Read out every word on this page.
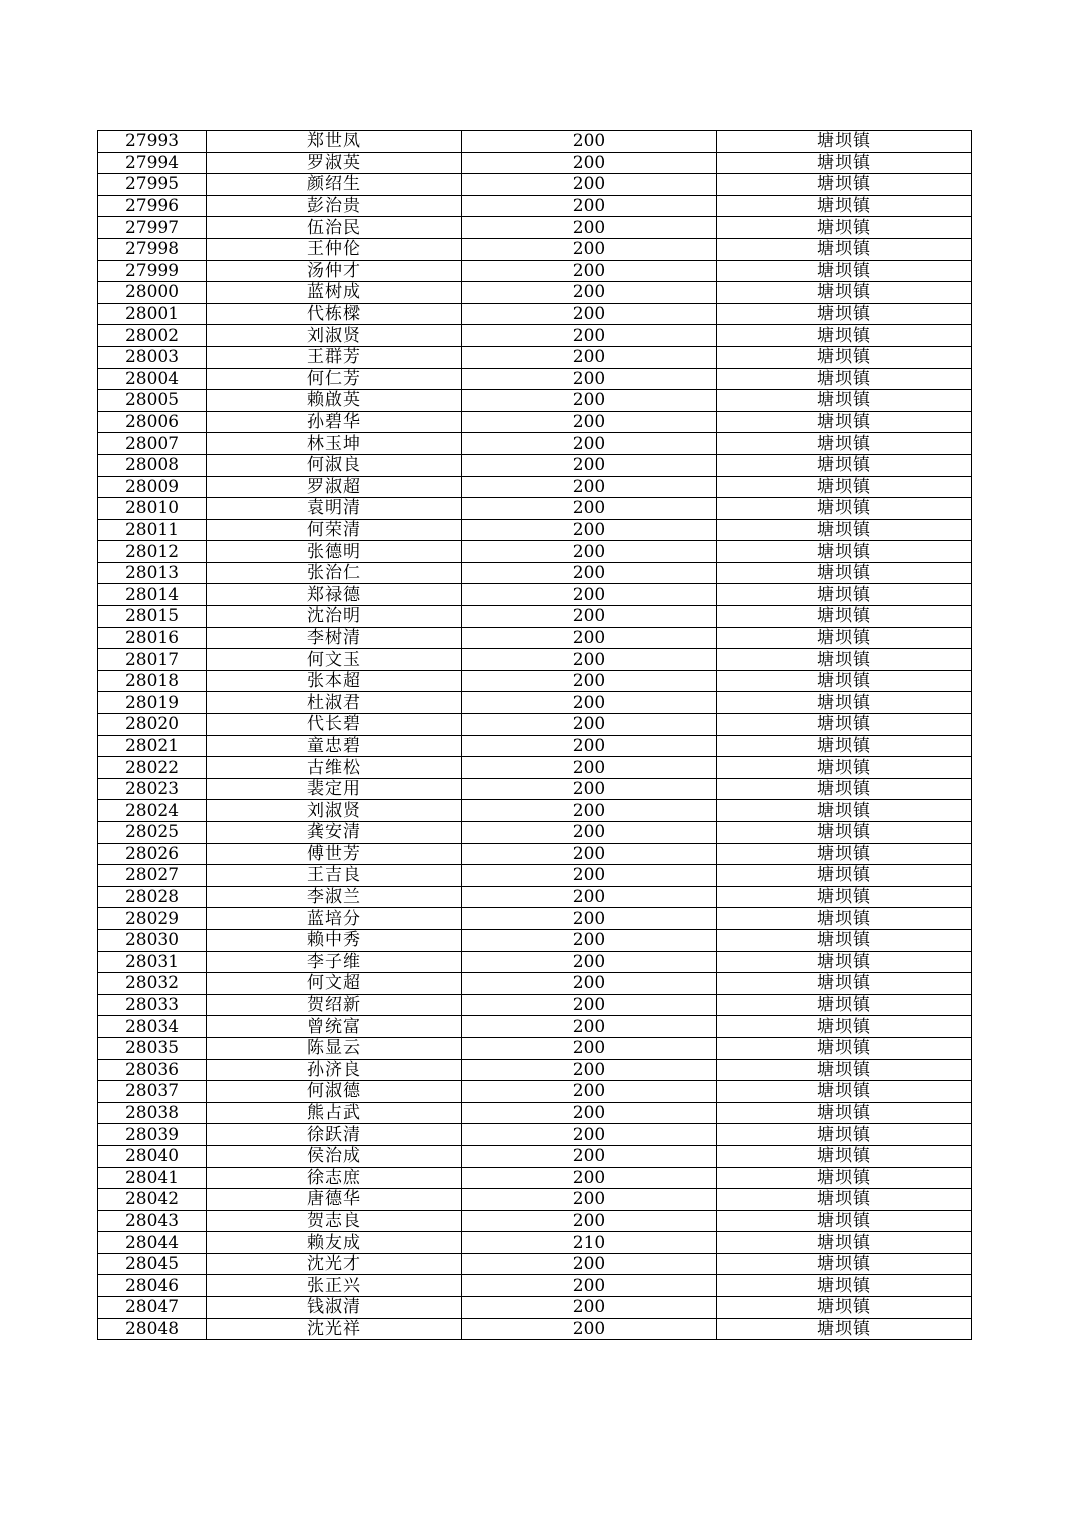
27993	郑世凤	200	塘坝镇
27994	罗淑英	200	塘坝镇
27995	颜绍生	200	塘坝镇
27996	彭治贵	200	塘坝镇
27997	伍治民	200	塘坝镇
27998	王仲伦	200	塘坝镇
27999	汤仲才	200	塘坝镇
28000	蓝树成	200	塘坝镇
28001	代栋樑	200	塘坝镇
28002	刘淑贤	200	塘坝镇
28003	王群芳	200	塘坝镇
28004	何仁芳	200	塘坝镇
28005	赖啟英	200	塘坝镇
28006	孙碧华	200	塘坝镇
28007	林玉坤	200	塘坝镇
28008	何淑良	200	塘坝镇
28009	罗淑超	200	塘坝镇
28010	袁明清	200	塘坝镇
28011	何荣清	200	塘坝镇
28012	张德明	200	塘坝镇
28013	张治仁	200	塘坝镇
28014	郑禄德	200	塘坝镇
28015	沈治明	200	塘坝镇
28016	李树清	200	塘坝镇
28017	何文玉	200	塘坝镇
28018	张本超	200	塘坝镇
28019	杜淑君	200	塘坝镇
28020	代长碧	200	塘坝镇
28021	童忠碧	200	塘坝镇
28022	古维松	200	塘坝镇
28023	裴定用	200	塘坝镇
28024	刘淑贤	200	塘坝镇
28025	龚安清	200	塘坝镇
28026	傅世芳	200	塘坝镇
28027	王吉良	200	塘坝镇
28028	李淑兰	200	塘坝镇
28029	蓝培分	200	塘坝镇
28030	赖中秀	200	塘坝镇
28031	李子维	200	塘坝镇
28032	何文超	200	塘坝镇
28033	贺绍新	200	塘坝镇
28034	曾统富	200	塘坝镇
28035	陈显云	200	塘坝镇
28036	孙济良	200	塘坝镇
28037	何淑德	200	塘坝镇
28038	熊占武	200	塘坝镇
28039	徐跃清	200	塘坝镇
28040	侯治成	200	塘坝镇
28041	徐志庶	200	塘坝镇
28042	唐德华	200	塘坝镇
28043	贺志良	200	塘坝镇
28044	赖友成	210	塘坝镇
28045	沈光才	200	塘坝镇
28046	张正兴	200	塘坝镇
28047	钱淑清	200	塘坝镇
28048	沈光祥	200	塘坝镇
